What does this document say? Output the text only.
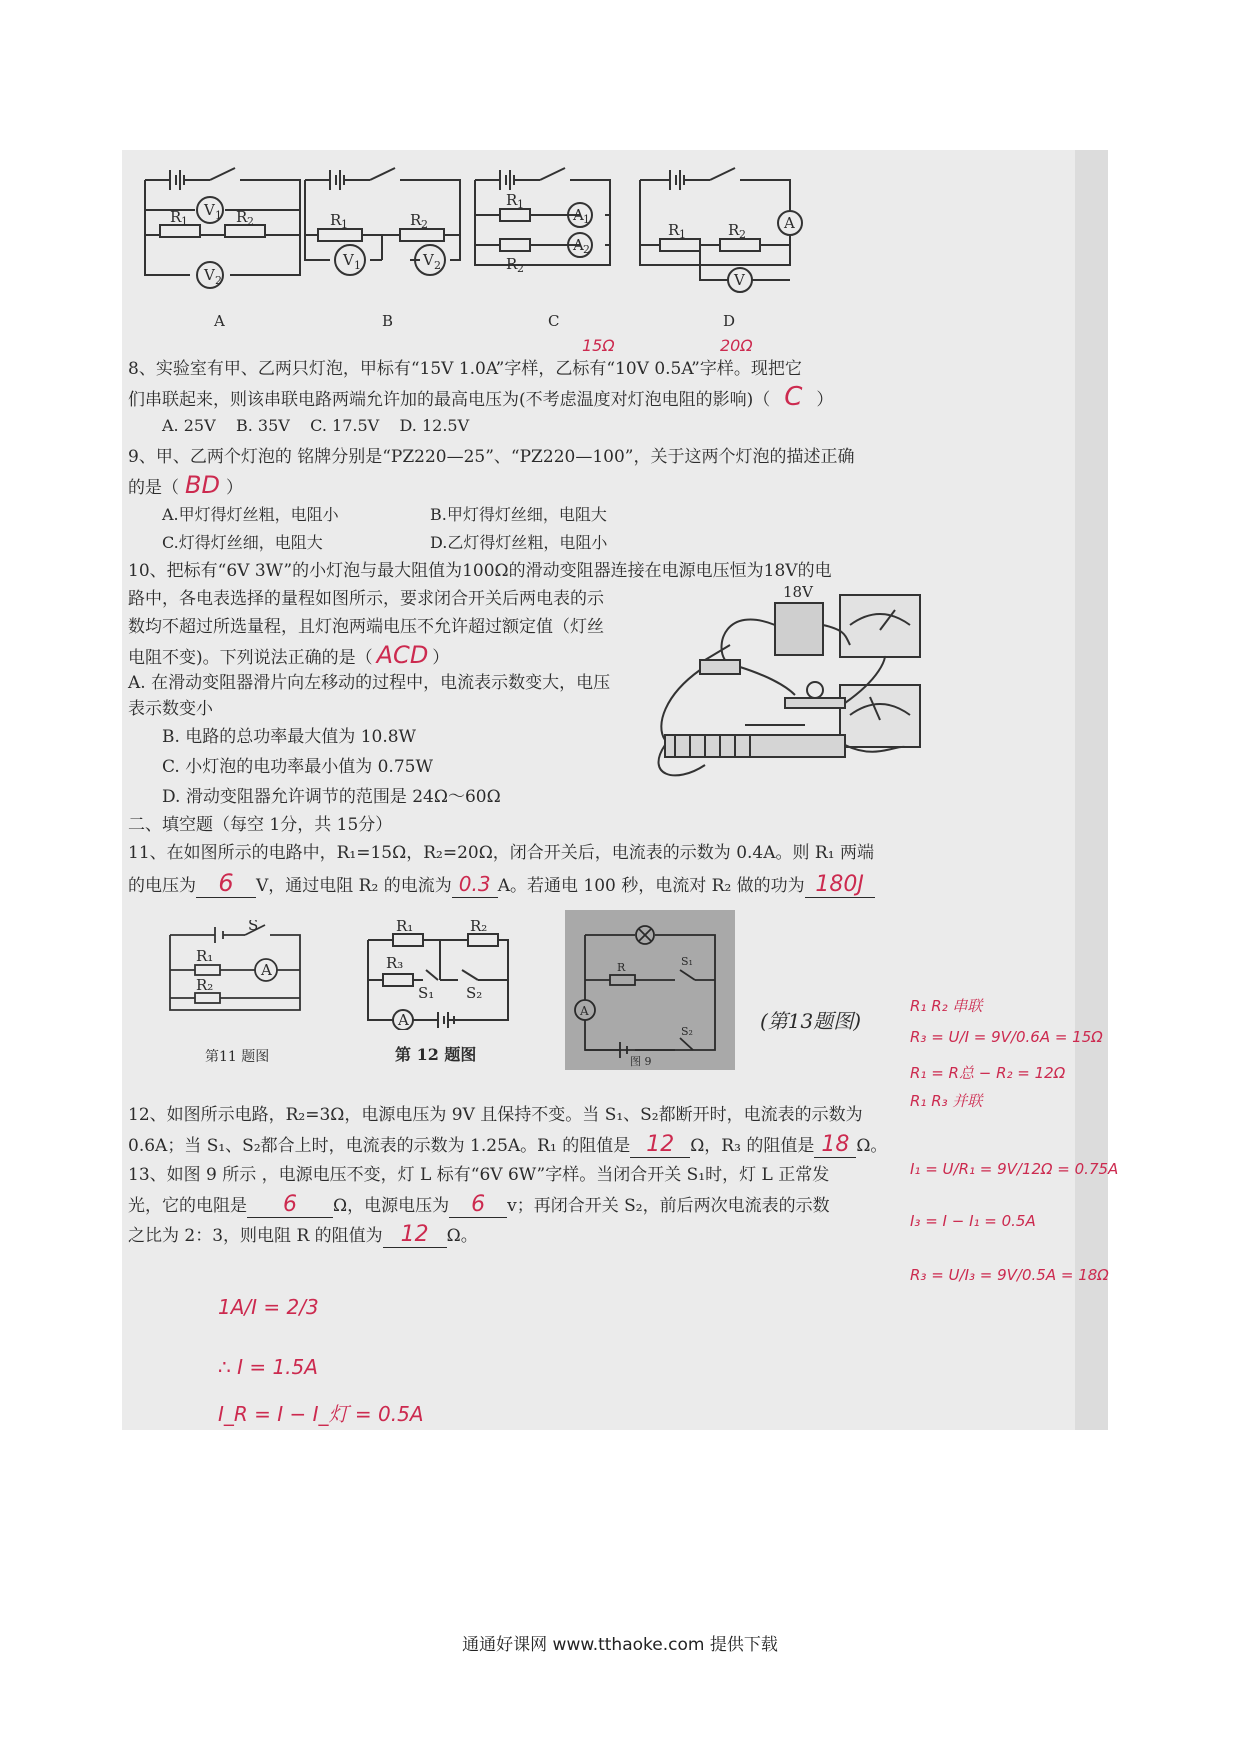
V 1
R 1	R 2
V 2
A
R 1	R 2
V 1	V 2
B
R 1
R 2
A 1
A 2
C
R 1	R 2
A
V
D
15Ω	20Ω
8、实验室有甲、乙两只灯泡，甲标有“15V 1.0A”字样，乙标有“10V 0.5A”字样。现把它
们串联起来，则该串联电路两端允许加的最高电压为(不考虑温度对灯泡电阻的影响)（ C ）
A. 25V B. 35V C. 17.5V D. 12.5V
9、甲、乙两个灯泡的 铭牌分别是“PZ220—25”、“PZ220—100”，关于这两个灯泡的描述正确
的是（ BD ）
A.甲灯得灯丝粗，电阻小	B.甲灯得灯丝细，电阻大
C.灯得灯丝细，电阻大	D.乙灯得灯丝粗，电阻小
10、把标有“6V 3W”的小灯泡与最大阻值为100Ω的滑动变阻器连接在电源电压恒为18V的电
路中，各电表选择的量程如图所示，要求闭合开关后两电表的示
数均不超过所选量程，且灯泡两端电压不允许超过额定值（灯丝
电阻不变)。下列说法正确的是（ ACD ）
A. 在滑动变阻器滑片向左移动的过程中，电流表示数变大，电压
表示数变小
B. 电路的总功率最大值为 10.8W
C. 小灯泡的电功率最小值为 0.75W
D. 滑动变阻器允许调节的范围是 24Ω～60Ω
18V
二、填空题（每空 1分，共 15分）
11、在如图所示的电路中，R₁=15Ω，R₂=20Ω，闭合开关后，电流表的示数为 0.4A。则 R₁ 两端
的电压为 6 V，通过电阻 R₂ 的电流为 0.3 A。若通电 100 秒，电流对 R₂ 做的功为 180J
S
R₁
R₂
A
第11 题图
R₁	R₂
R₃
S₁ S₂
A
第 12 题图
A
R	S₁
S₂
图 9
(第13题图)
12、如图所示电路，R₂=3Ω，电源电压为 9V 且保持不变。当 S₁、S₂都断开时，电流表的示数为
0.6A；当 S₁、S₂都合上时，电流表的示数为 1.25A。R₁ 的阻值是 12 Ω，R₃ 的阻值是 18 Ω。
13、如图 9 所示 ，电源电压不变，灯 L 标有“6V 6W”字样。当闭合开关 S₁时，灯 L 正常发
光，它的电阻是 6 Ω，电源电压为 6 v；再闭合开关 S₂，前后两次电流表的示数
之比为 2：3，则电阻 R 的阻值为 12 Ω。
R₁ R₂ 串联
R₃ = U/I = 9V/0.6A = 15Ω
R₁ = R总 − R₂ = 12Ω
R₁ R₃ 并联
I₁ = U/R₁ = 9V/12Ω = 0.75A
I₃ = I − I₁ = 0.5A
R₃ = U/I₃ = 9V/0.5A = 18Ω
1A/I = 2/3
∴ I = 1.5A
I_R = I − I_灯 = 0.5A
通通好课网 www.tthaoke.com 提供下载
